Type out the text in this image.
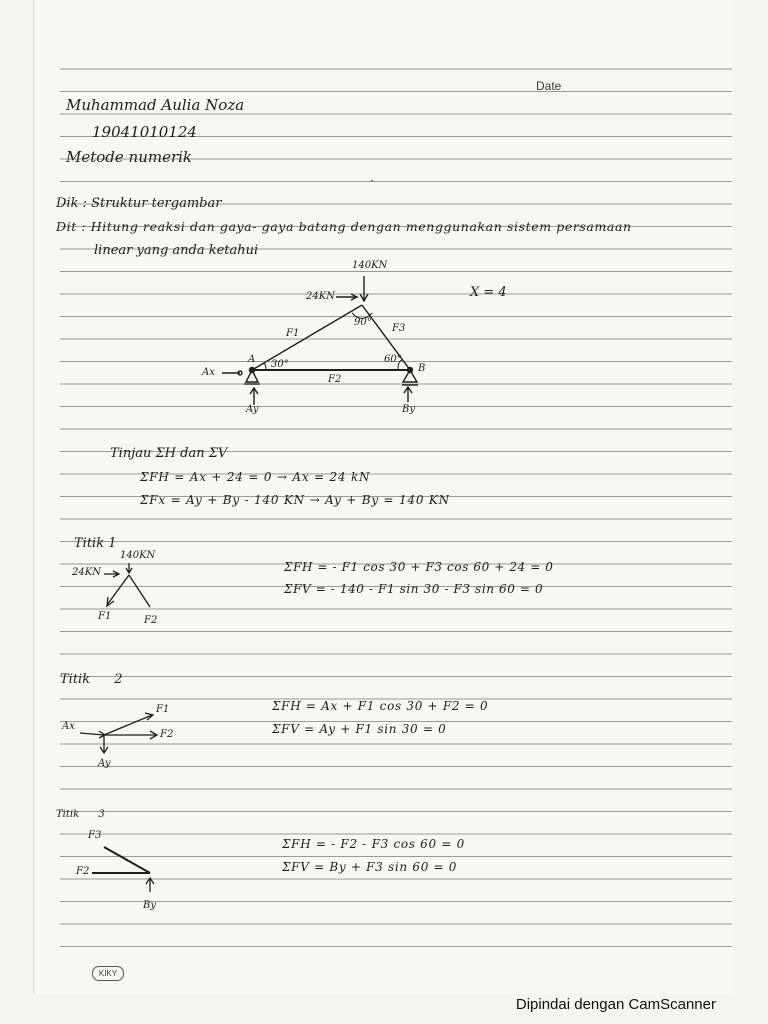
Date
KIKY
Dipindai dengan CamScanner
Muhammad Aulia Noza
19041010124
Metode numerik
Dik : Struktur tergambar
Dit : Hitung reaksi dan gaya- gaya batang dengan menggunakan sistem persamaan
linear yang anda ketahui
140KN
24KN	X = 4
90°
F1	F3
A 30°	60°
B
F2
Ax
Ay	By
Tinjau ΣH dan ΣV
ΣFH = Ax + 24 = 0 → Ax = 24 kN
ΣFx = Ay + By - 140 KN → Ay + By = 140 KN
Titik 1
140KN
24KN
F1	F2
ΣFH = - F1 cos 30 + F3 cos 60 + 24 = 0
ΣFV = - 140 - F1 sin 30 - F3 sin 60 = 0
Titik 2
Ax
F1
F2
Ay
ΣFH = Ax + F1 cos 30 + F2 = 0
ΣFV = Ay + F1 sin 30 = 0
Titik 3
F3
F2
By
ΣFH = - F2 - F3 cos 60 = 0
ΣFV = By + F3 sin 60 = 0
